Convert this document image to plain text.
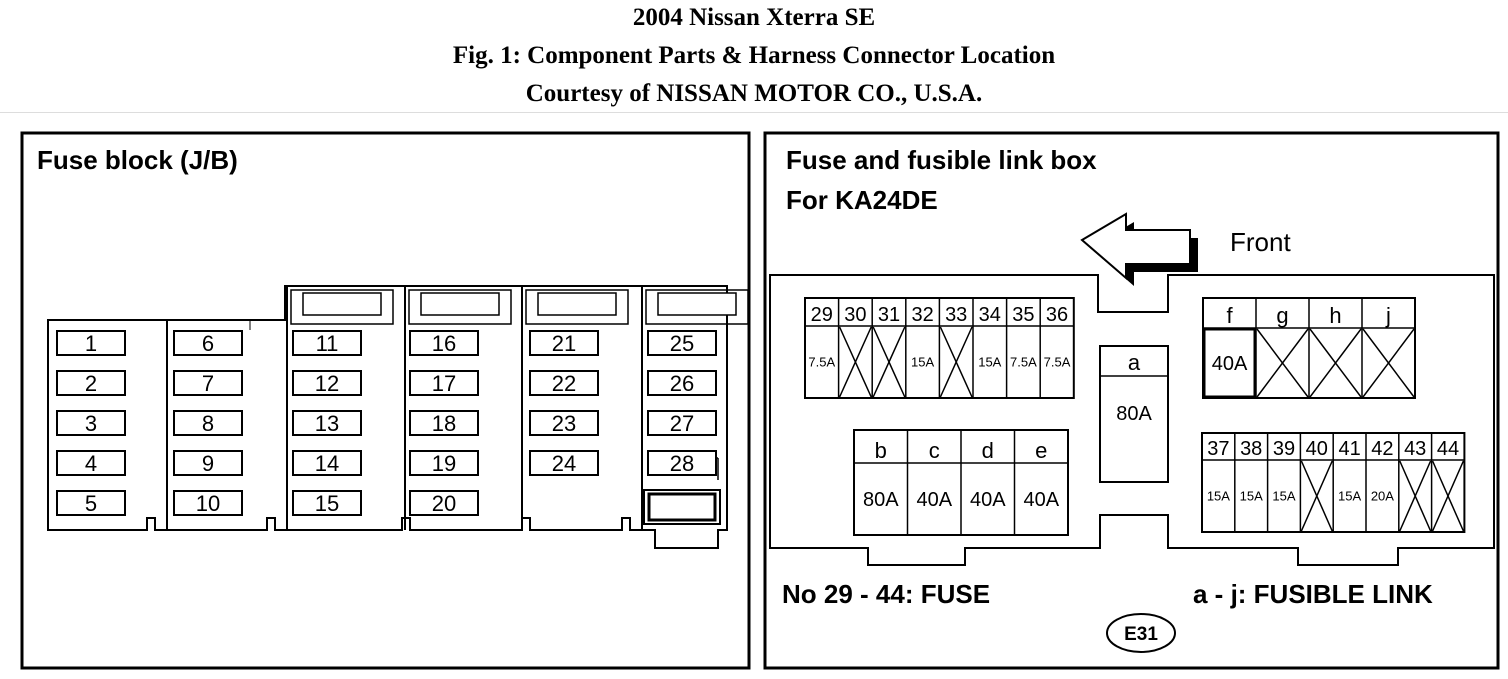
2004 Nissan Xterra SE
Fig. 1: Component Parts & Harness Connector Location
Courtesy of NISSAN MOTOR CO., U.S.A.
Fuse block (J/B)
1
2
3
4
5
6
7
8
9
10
11
12
13
14
15
16
17
18
19
20
21
22
23
24
25
26
27
28
Fuse and fusible link box
For KA24DE
Front
29
7.5A
30 31 32
15A
33 34
15A
35
7.5A
36
7.5A	a
80A
b
80A
c
40A
d
40A
e
40A
f
40A
g h j
37
15A
38
15A
39
15A
40 41
15A
42
20A
43 44
No 29 - 44: FUSE	a - j: FUSIBLE LINK
E31
